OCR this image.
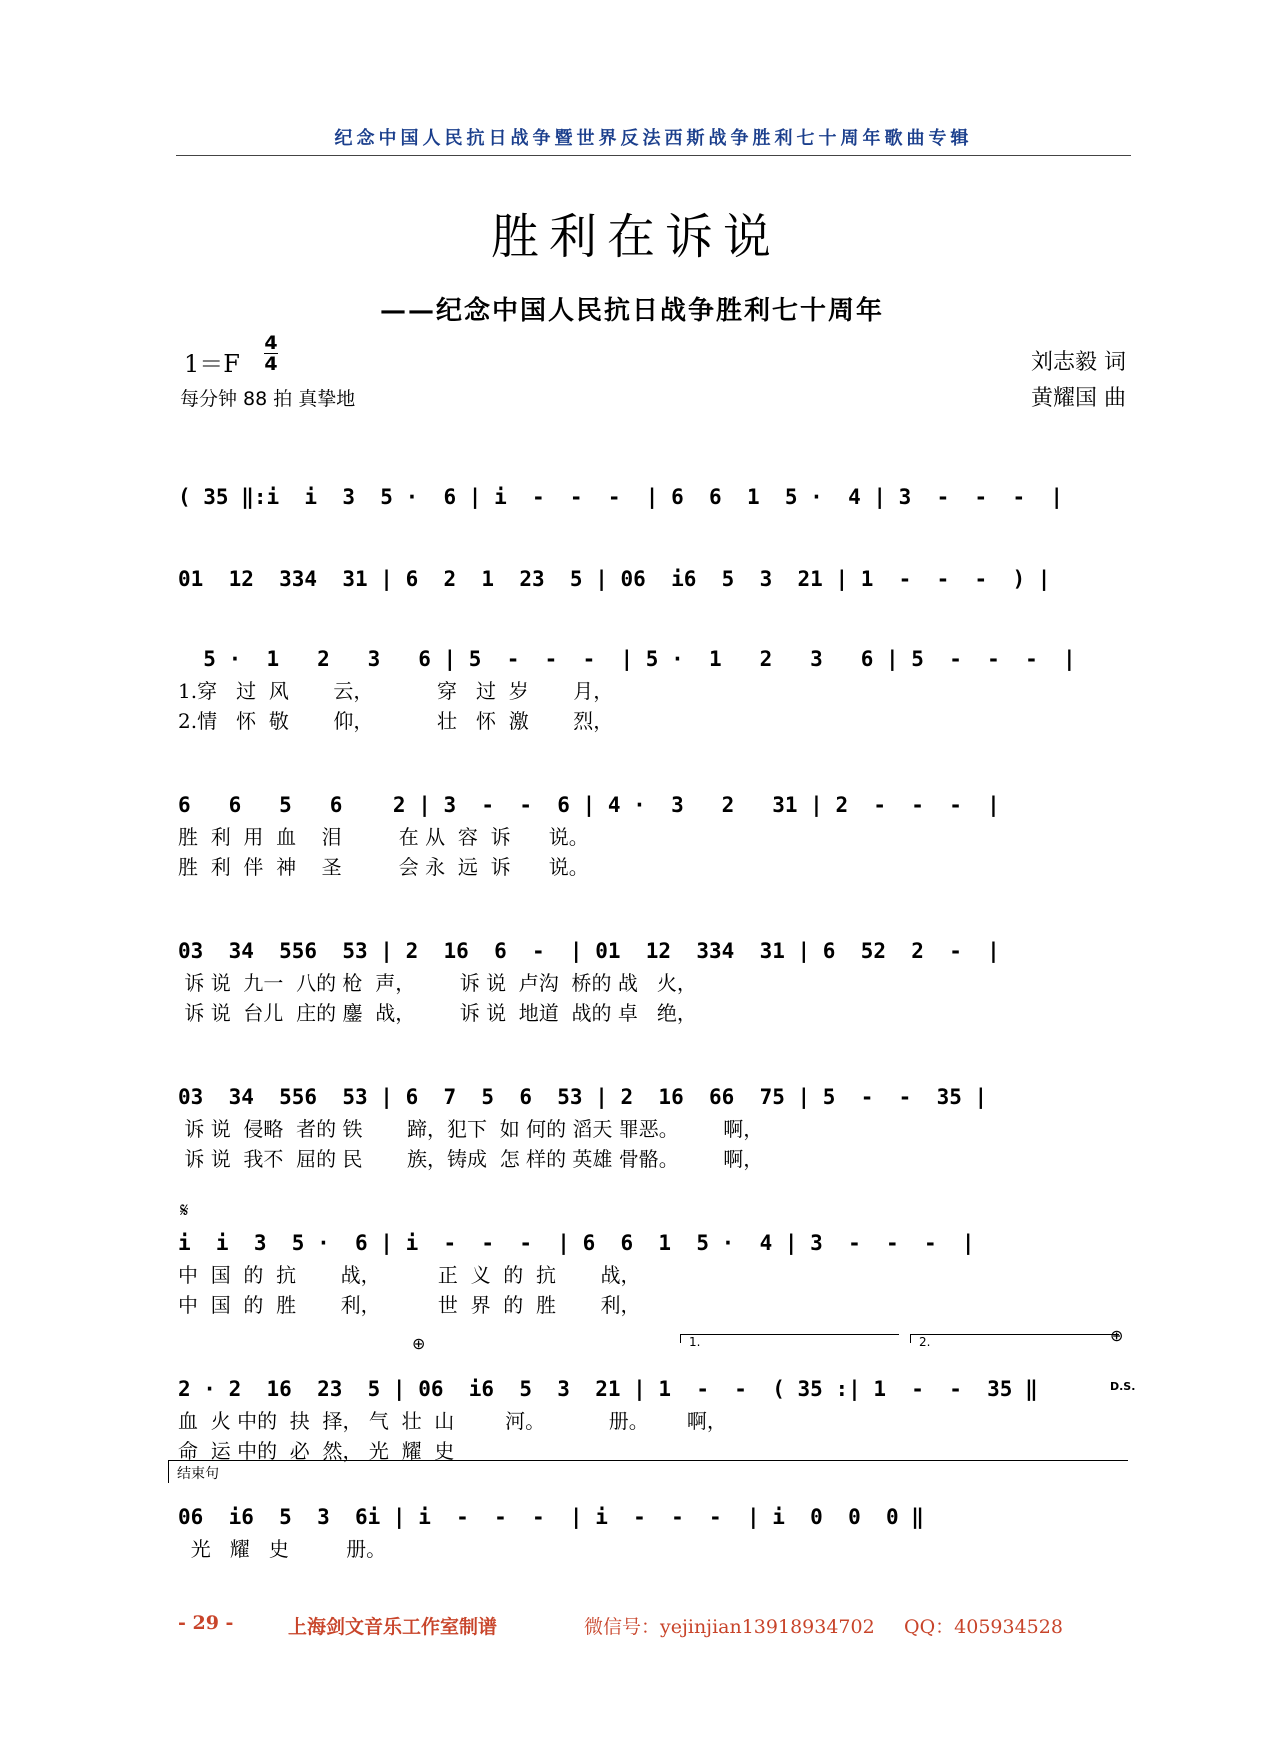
纪念中国人民抗日战争暨世界反法西斯战争胜利七十周年歌曲专辑
胜利在诉说
——纪念中国人民抗日战争胜利七十周年
1＝F
4
4
每分钟 88 拍 真挚地
刘志毅 词
黄耀国 曲
( 35 ‖:i  i  3  5 ·  6 | i  -  -  -  | 6  6  1  5 ·  4 | 3  -  -  -  |
01  12  334  31 | 6  2  1  23  5 | 06  i6  5  3  21 | 1  -  -  -  ) |
5 ·  1   2   3   6 | 5  -  -  -  | 5 ·  1   2   3   6 | 5  -  -  -  |
1.穿   过  风       云，          穿   过  岁       月，
2.情   怀  敬       仰，          壮   怀  激       烈，
6   6   5   6    2 | 3  -  -  6 | 4 ·  3   2   31 | 2  -  -  -  |
胜  利  用  血    泪         在 从  容  诉      说。
胜  利  伴  神    圣         会 永  远  诉      说。
03  34  556  53 | 2  16  6  -  | 01  12  334  31 | 6  52  2  -  |
诉 说  九一  八的 枪  声，       诉 说  卢沟  桥的 战   火，
诉 说  台儿  庄的 鏖  战，       诉 说  地道  战的 卓   绝，
03  34  556  53 | 6  7  5  6  53 | 2  16  66  75 | 5  -  -  35 |
诉 说  侵略  者的 铁       蹄，犯下  如 何的 滔天 罪恶。       啊，
诉 说  我不  屈的 民       族，铸成  怎 样的 英雄 骨骼。       啊，
𝄋
i  i  3  5 ·  6 | i  -  -  -  | 6  6  1  5 ·  4 | 3  -  -  -  |
中  国  的  抗       战，         正  义  的  抗       战，
中  国  的  胜       利，         世  界  的  胜       利，
⊕	1.	2.	⊕
D.S.
2 · 2  16  23  5 | 06  i6  5  3  21 | 1  -  -  ( 35 :| 1  -  -  35 ‖
血  火 中的  抉  择， 气  壮  山        河。          册。      啊，
命  运 中的  必  然， 光  耀  史
结束句
06  i6  5  3  6i | i  -  -  -  | i  -  -  -  | i  0  0  0 ‖
光   耀   史         册。
- 29 -	上海剑文音乐工作室制谱	微信号：yejinjian13918934702 QQ：405934528
